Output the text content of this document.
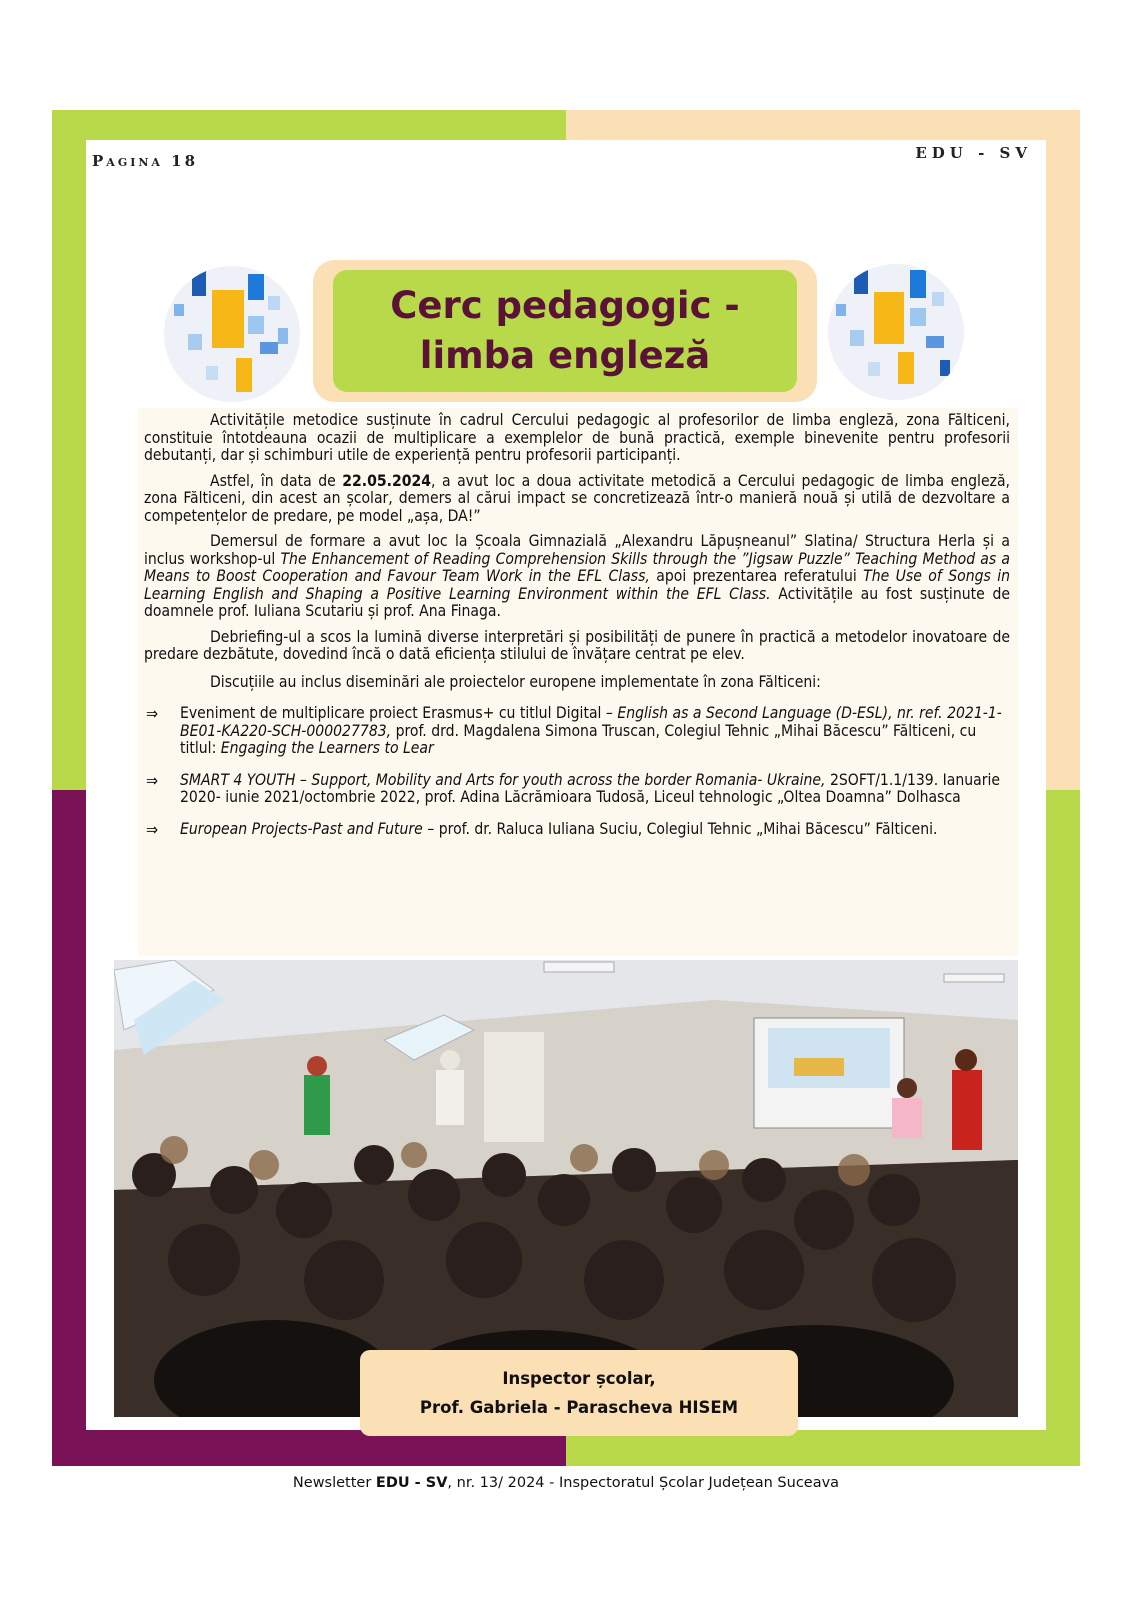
Pagina 18	EDU - SV
Cerc pedagogic -
limba engleză

Activitățile metodice susținute în cadrul Cercului pedagogic al profesorilor de limba engleză, zona Fălticeni, constituie întotdeauna ocazii de multiplicare a exemplelor de bună practică, exemple binevenite pentru profesorii debutanți, dar și schimburi utile de experiență pentru profesorii participanți.

Astfel, în data de 22.05.2024, a avut loc a doua activitate metodică a Cercului pedagogic de limba engleză, zona Fălticeni, din acest an școlar, demers al cărui impact se concretizează într-o manieră nouă și utilă de dezvoltare a competențelor de predare, pe model „așa, DA!”

Demersul de formare a avut loc la Școala Gimnazială „Alexandru Lăpușneanul” Slatina/ Structura Herla și a inclus workshop-ul The Enhancement of Reading Comprehension Skills through the ”Jigsaw Puzzle” Teaching Method as a Means to Boost Cooperation and Favour Team Work in the EFL Class, apoi prezentarea referatului The Use of Songs in Learning English and Shaping a Positive Learning Environment within the EFL Class. Activitățile au fost susținute de doamnele prof. Iuliana Scutariu și prof. Ana Finaga.

Debriefing-ul a scos la lumină diverse interpretări și posibilități de punere în practică a metodelor inovatoare de predare dezbătute, dovedind încă o dată eficiența stilului de învățare centrat pe elev.

Discuțiile au inclus diseminări ale proiectelor europene implementate în zona Fălticeni:

⇒ Eveniment de multiplicare proiect Erasmus+ cu titlul Digital – English as a Second Language (D-ESL), nr. ref. 2021-1-BE01-KA220-SCH-000027783, prof. drd. Magdalena Simona Truscan, Colegiul Tehnic „Mihai Băcescu” Fălticeni, cu titlul: Engaging the Learners to Lear
⇒ SMART 4 YOUTH – Support, Mobility and Arts for youth across the border Romania- Ukraine, 2SOFT/1.1/139. Ianuarie 2020- iunie 2021/octombrie 2022, prof. Adina Lăcrămioara Tudosă, Liceul tehnologic „Oltea Doamna” Dolhasca
⇒ European Projects-Past and Future – prof. dr. Raluca Iuliana Suciu, Colegiul Tehnic „Mihai Băcescu” Fălticeni.
Inspector școlar,
Prof. Gabriela - Parascheva HISEM
Newsletter EDU - SV, nr. 13/ 2024 - Inspectoratul Școlar Județean Suceava
